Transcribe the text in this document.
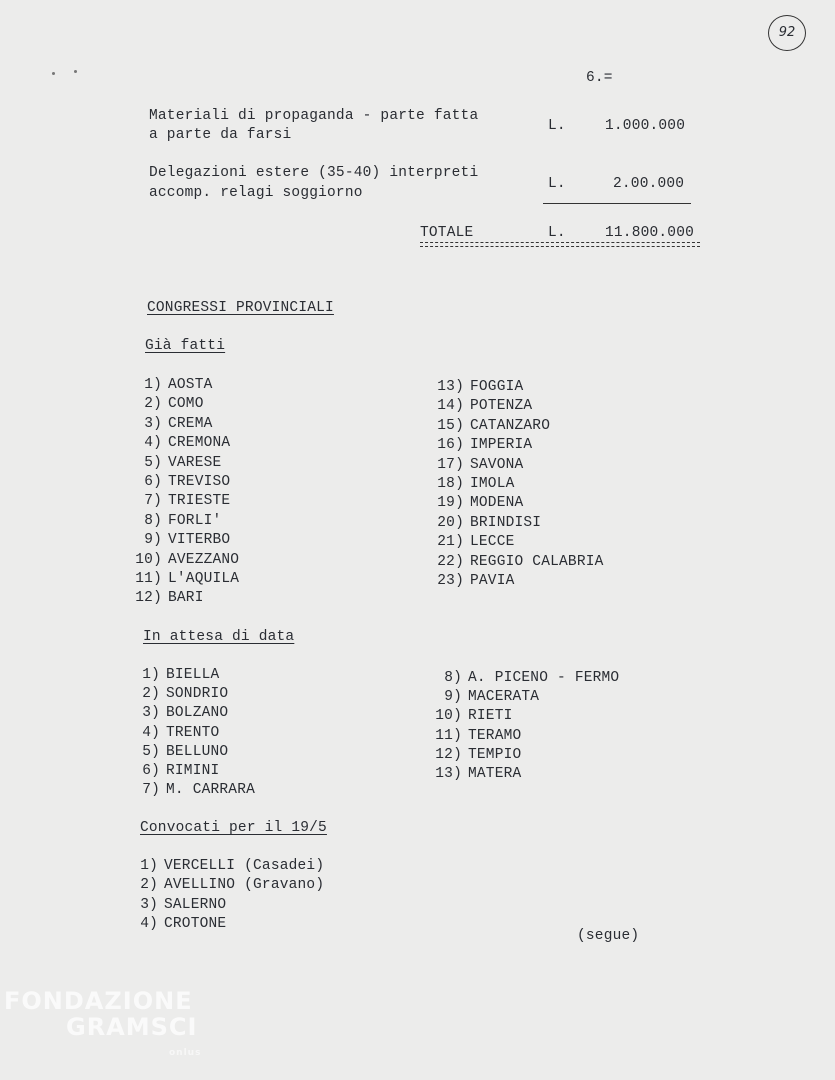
92
6.=
Materiali di propaganda - parte fatta
a parte da farsi
L.	1.000.000
Delegazioni estere (35-40) interpreti
accomp. relagi soggiorno
L.	2.00.000
TOTALE	L.	11.800.000
CONGRESSI PROVINCIALI
Già fatti
1) AOSTA
2) COMO
3) CREMA
4) CREMONA
5) VARESE
6) TREVISO
7) TRIESTE
8) FORLI'
9) VITERBO
10) AVEZZANO
11) L'AQUILA
12) BARI
13) FOGGIA
14) POTENZA
15) CATANZARO
16) IMPERIA
17) SAVONA
18) IMOLA
19) MODENA
20) BRINDISI
21) LECCE
22) REGGIO CALABRIA
23) PAVIA
In attesa di data
1) BIELLA
2) SONDRIO
3) BOLZANO
4) TRENTO
5) BELLUNO
6) RIMINI
7) M. CARRARA
8) A. PICENO - FERMO
9) MACERATA
10) RIETI
11) TERAMO
12) TEMPIO
13) MATERA
Convocati per il 19/5
1) VERCELLI (Casadei)
2) AVELLINO (Gravano)
3) SALERNO
4) CROTONE
(segue)
FONDAZIONE
GRAMSCI
onlus
